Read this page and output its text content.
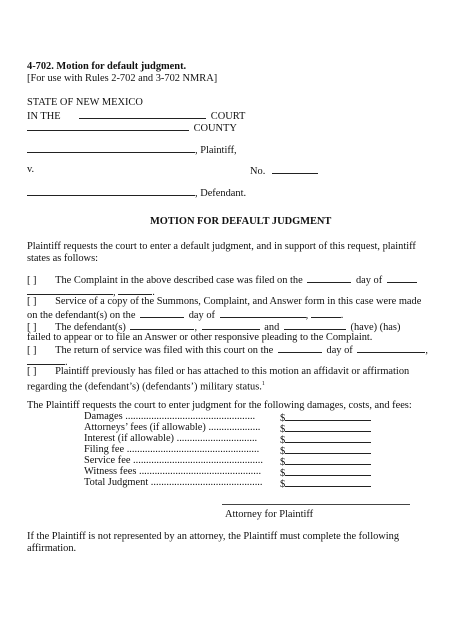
4-702. Motion for default judgment.
[For use with Rules 2-702 and 3-702 NMRA]
STATE OF NEW MEXICO
IN THE	COURT
COUNTY
, Plaintiff,
v.	No.
, Defendant.
MOTION FOR DEFAULT JUDGMENT
Plaintiff requests the court to enter a default judgment, and in support of this request, plaintiff
states as follows:
[ ] The Complaint in the above described case was filed on the	day of
,	.
[ ] Service of a copy of the Summons, Complaint, and Answer form in this case were made
on the defendant(s) on the	day of	,	.
[ ] The defendant(s)	,	and	(have) (has)
failed to appear or to file an Answer or other responsive pleading to the Complaint.
[ ] The return of service was filed with this court on the	day of	,
.
[ ] Plaintiff previously has filed or has attached to this motion an affidavit or affirmation
regarding the (defendant’s) (defendants’) military status.$^1$
The Plaintiff requests the court to enter judgment for the following damages, costs, and fees:
Damages .................................................. $
Attorneys’ fees (if allowable) .................... $
Interest (if allowable) ............................... $
Filing fee ................................................... $
Service fee .................................................. $
Witness fees ............................................... $
Total Judgment ........................................... $
Attorney for Plaintiff
If the Plaintiff is not represented by an attorney, the Plaintiff must complete the following
affirmation.
